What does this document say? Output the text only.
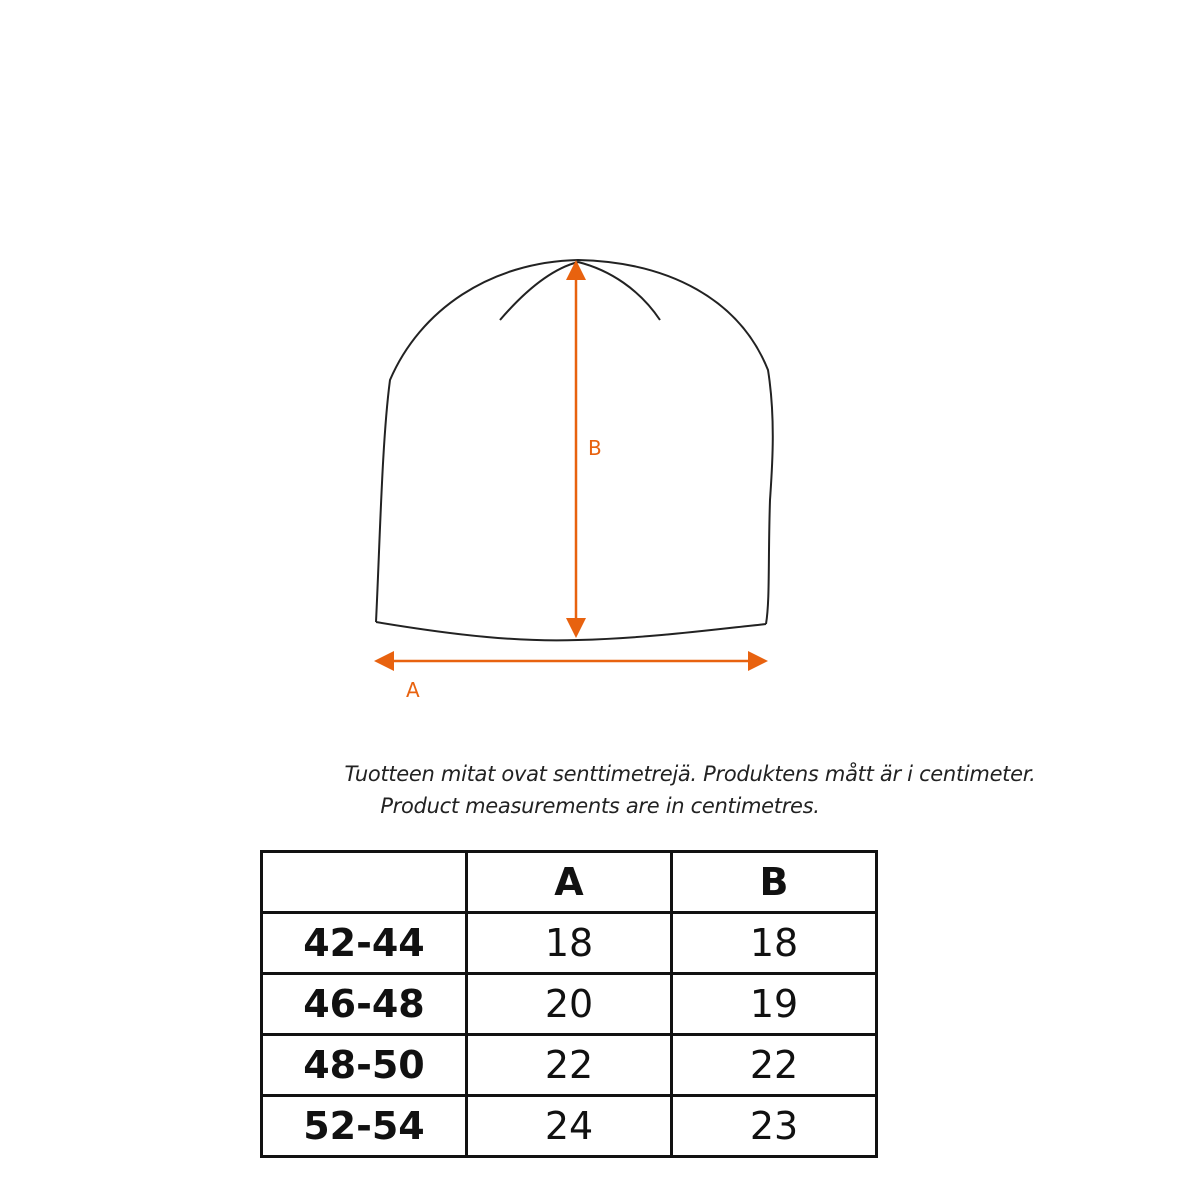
B
A
Tuotteen mitat ovat senttimetrejä. Produktens mått är i centimeter.
Product measurements are in centimetres.
	A	B
42-44	18	18
46-48	20	19
48-50	22	22
52-54	24	23
